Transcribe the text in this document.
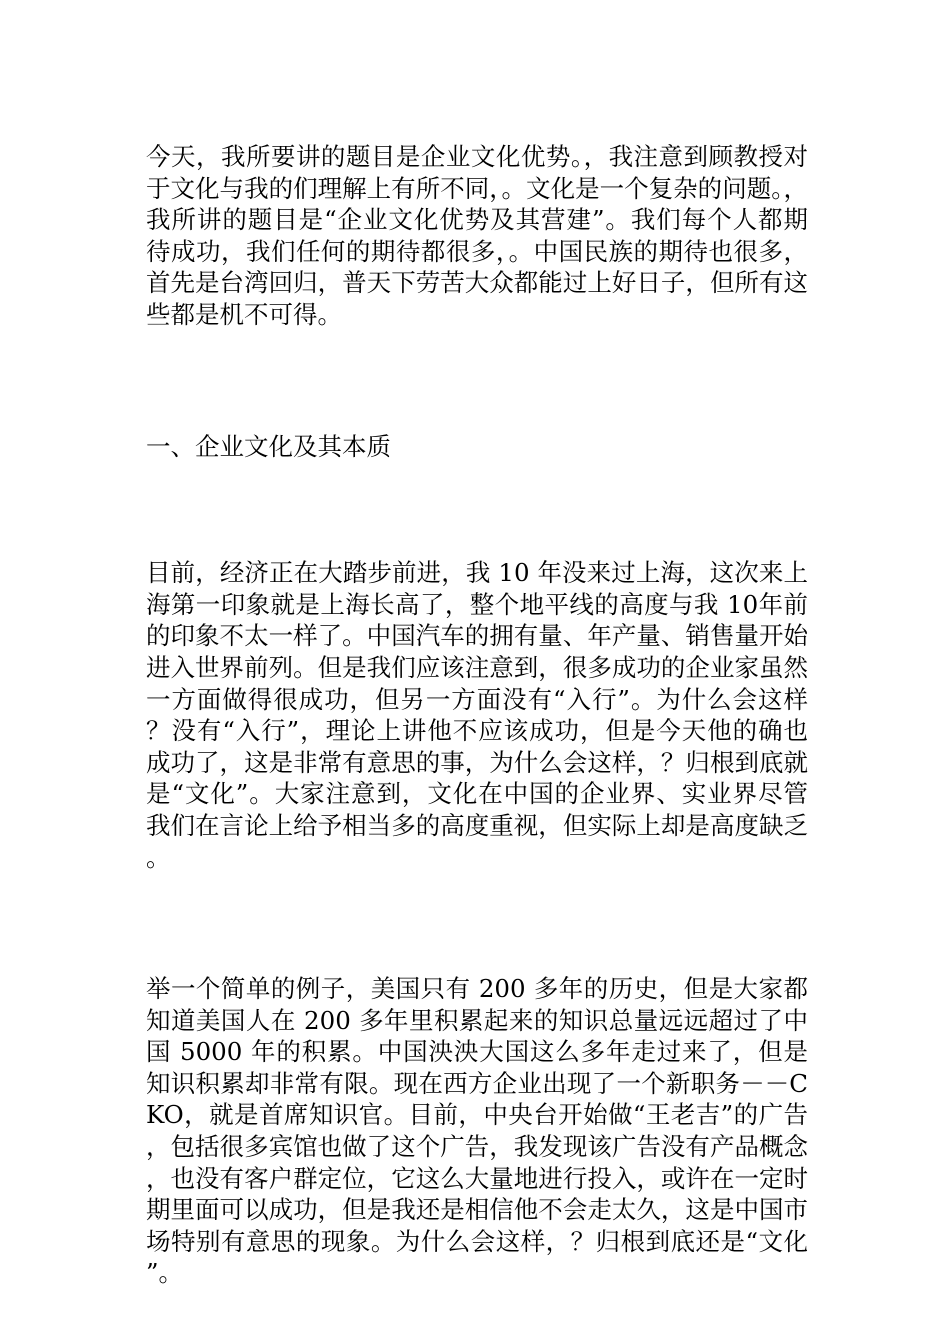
今天，我所要讲的题目是企业文化优势。，我注意到顾教授对于文化与我的们理解上有所不同，。文化是一个复杂的问题。，我所讲的题目是“企业文化优势及其营建”。我们每个人都期待成功，我们任何的期待都很多，。中国民族的期待也很多，首先是台湾回归，普天下劳苦大众都能过上好日子，但所有这些都是机不可得。

一、企业文化及其本质

目前，经济正在大踏步前进，我 10 年没来过上海，这次来上海第一印象就是上海长高了，整个地平线的高度与我 10年前的印象不太一样了。中国汽车的拥有量、年产量、销售量开始进入世界前列。但是我们应该注意到，很多成功的企业家虽然一方面做得很成功，但另一方面没有“入行”。为什么会这样？没有“入行”，理论上讲他不应该成功，但是今天他的确也成功了，这是非常有意思的事，为什么会这样，？归根到底就是“文化”。大家注意到，文化在中国的企业界、实业界尽管我们在言论上给予相当多的高度重视，但实际上却是高度缺乏。

举一个简单的例子，美国只有 200 多年的历史，但是大家都知道美国人在 200 多年里积累起来的知识总量远远超过了中国 5000 年的积累。中国泱泱大国这么多年走过来了，但是知识积累却非常有限。现在西方企业出现了一个新职务－－CKO，就是首席知识官。目前，中央台开始做“王老吉”的广告，包括很多宾馆也做了这个广告，我发现该广告没有产品概念，也没有客户群定位，它这么大量地进行投入，或许在一定时期里面可以成功，但是我还是相信他不会走太久，这是中国市场特别有意思的现象。为什么会这样，？归根到底还是“文化”。
